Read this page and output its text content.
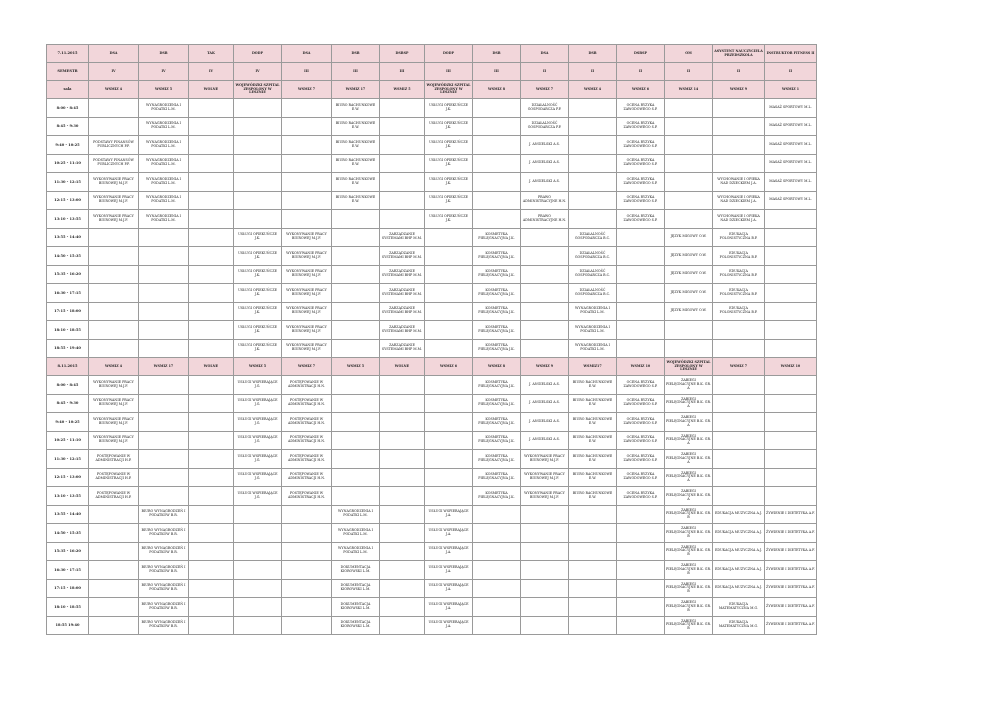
7.11.2015	DSA	DSB	TAK	DODP	DSA	DSB	DSBSP	DODP	DSB	DSA	DSB	DSBSP	OM	ASYSTENT NAUCZYCIELA PRZEDSZKOLA	INSTRUKTOR FITNESS II
SEMESTR	IV	IV	IV	IV	III	III	III	III	III	II	II	II	II	II	II
sala	WSMIZ 4	WSMIZ 5	WOLNE	WOJEWÓDZKI SZPITAL ZESPOLONY W LESZNIE	WSMIZ 7	WSMIZ 17	WSMIZ 5	WOJEWÓDZKI SZPITAL ZESPOLONY W LESZNIE	WSMIZ 8	WSMIZ 7	WSMIZ 4	WSMIZ 6	WSMIZ 14	WSMIZ 9	WSMIZ 1
8:00 - 8:45		WYNAGRODZENIA I PODATKI L.M.				BIURO RACHUNKOWE E.W.		USŁUGI OPIEKUŃCZE J.K.		DZIAŁALNOŚĆ GOSPODARCZA P.P.		OCENA RYZYKA ZAWODOWEGO S.P.			MASAŻ SPORTOWY M.L.
8:45 - 9:30		WYNAGRODZENIA I PODATKI L.M.				BIURO RACHUNKOWE E.W.		USŁUGI OPIEKUŃCZE J.K.		DZIAŁALNOŚĆ GOSPODARCZA P.P.		OCENA RYZYKA ZAWODOWEGO S.P.			MASAŻ SPORTOWY M.L.
9:40 - 10:25	PODSTAWY FINANSÓW PUBLICZNYCH P.P.	WYNAGRODZENIA I PODATKI L.M.				BIURO RACHUNKOWE E.W.		USŁUGI OPIEKUŃCZE J.K.		J. ANGIELSKI A.S.		OCENA RYZYKA ZAWODOWEGO S.P.			MASAŻ SPORTOWY M.L.
10:25 - 11:10	PODSTAWY FINANSÓW PUBLICZNYCH P.P.	WYNAGRODZENIA I PODATKI L.M.				BIURO RACHUNKOWE E.W.		USŁUGI OPIEKUŃCZE J.K.		J. ANGIELSKI A.S.		OCENA RYZYKA ZAWODOWEGO S.P.			MASAŻ SPORTOWY M.L.
11:30 - 12:15	WYKONYWANIE PRACY BIUROWEJ M.J.F.	WYNAGRODZENIA I PODATKI L.M.				BIURO RACHUNKOWE E.W.		USŁUGI OPIEKUŃCZE J.K.		J. ANGIELSKI A.S.		OCENA RYZYKA ZAWODOWEGO S.P.		WYCHOWANIE I OPIEKA NAD DZIECKIEM J.A.	MASAŻ SPORTOWY M.L.
12:15 - 13:00	WYKONYWANIE PRACY BIUROWEJ M.J.F.	WYNAGRODZENIA I PODATKI L.M.				BIURO RACHUNKOWE E.W.		USŁUGI OPIEKUŃCZE J.K.		PRAWO ADMINISTRACYJNE H.N.		OCENA RYZYKA ZAWODOWEGO S.P.		WYCHOWANIE I OPIEKA NAD DZIECKIEM J.A.	MASAŻ SPORTOWY M.L.
13:10 - 13:55	WYKONYWANIE PRACY BIUROWEJ M.J.F.	WYNAGRODZENIA I PODATKI L.M.						USŁUGI OPIEKUŃCZE J.K.		PRAWO ADMINISTRACYJNE H.N.		OCENA RYZYKA ZAWODOWEGO S.P.		WYCHOWANIE I OPIEKA NAD DZIECKIEM J.A.	
13:55 - 14:40				USŁUGI OPIEKUŃCZE J.K.	WYKONYWANIE PRACY BIUROWEJ M.J.F.		ZARZĄDZANIE SYSTEMAMI BHP M.M.		KOSMETYKA PIELĘGNACYJNA J.K.		DZIAŁALNOŚĆ GOSPODARCZA B.C.		JĘZYK MIGOWY O.W.	EDUKACJA POLONISTYCZNA B.P.	
14:50 - 15:35				USŁUGI OPIEKUŃCZE J.K.	WYKONYWANIE PRACY BIUROWEJ M.J.F.		ZARZĄDZANIE SYSTEMAMI BHP M.M.		KOSMETYKA PIELĘGNACYJNA J.K.		DZIAŁALNOŚĆ GOSPODARCZA B.C.		JĘZYK MIGOWY O.W.	EDUKACJA POLONISTYCZNA B.P.	
15:35 - 16:20				USŁUGI OPIEKUŃCZE J.K.	WYKONYWANIE PRACY BIUROWEJ M.J.F.		ZARZĄDZANIE SYSTEMAMI BHP M.M.		KOSMETYKA PIELĘGNACYJNA J.K.		DZIAŁALNOŚĆ GOSPODARCZA B.C.		JĘZYK MIGOWY O.W.	EDUKACJA POLONISTYCZNA B.P.	
16:30 - 17:15				USŁUGI OPIEKUŃCZE J.K.	WYKONYWANIE PRACY BIUROWEJ M.J.F.		ZARZĄDZANIE SYSTEMAMI BHP M.M.		KOSMETYKA PIELĘGNACYJNA J.K.		DZIAŁALNOŚĆ GOSPODARCZA B.C.		JĘZYK MIGOWY O.W.	EDUKACJA POLONISTYCZNA B.P.	
17:15 - 18:00				USŁUGI OPIEKUŃCZE J.K.	WYKONYWANIE PRACY BIUROWEJ M.J.F.		ZARZĄDZANIE SYSTEMAMI BHP M.M.		KOSMETYKA PIELĘGNACYJNA J.K.		WYNAGRODZENIA I PODATKI L.M.		JĘZYK MIGOWY O.W.	EDUKACJA POLONISTYCZNA B.P.	
18:10 - 18:55				USŁUGI OPIEKUŃCZE J.K.	WYKONYWANIE PRACY BIUROWEJ M.J.F.		ZARZĄDZANIE SYSTEMAMI BHP M.M.		KOSMETYKA PIELĘGNACYJNA J.K.		WYNAGRODZENIA I PODATKI L.M.				
18:55 - 19:40				USŁUGI OPIEKUŃCZE J.K.	WYKONYWANIE PRACY BIUROWEJ M.J.F.		ZARZĄDZANIE SYSTEMAMI BHP M.M.		KOSMETYKA PIELĘGNACYJNA J.K.		WYNAGRODZENIA I PODATKI L.M.				
8.11.2015	WSMIZ 4	WSMIZ 17	WOLNE	WSMIZ 5	WSMIZ 7	WSMIZ 5	WOLNE	WSMIZ 6	WSMIZ 8	WSMIZ 9	WSMIZ17	WSMIZ 10	WOJEWÓDZKI SZPITAL ZESPOLONY W LESZNIE	WSMIZ 7	WSMIZ 10
8:00 - 8:45	WYKONYWANIE PRACY BIUROWEJ M.J.F.			USŁUGI WSPIERAJĄCE J.G.	POSTĘPOWANIE W ADMINISTRACJI H.N.				KOSMETYKA PIELĘGNACYJNA J.K.	J. ANGIELSKI A.S.	BIURO RACHUNKOWE E.W.	OCENA RYZYKA ZAWODOWEGO S.P.	ZABIEGI PIELĘGNACYJNE B.K. GR. A		
8:45 - 9:30	WYKONYWANIE PRACY BIUROWEJ M.J.F.			USŁUGI WSPIERAJĄCE J.G.	POSTĘPOWANIE W ADMINISTRACJI H.N.				KOSMETYKA PIELĘGNACYJNA J.K.	J. ANGIELSKI A.S.	BIURO RACHUNKOWE E.W.	OCENA RYZYKA ZAWODOWEGO S.P.	ZABIEGI PIELĘGNACYJNE B.K. GR. A		
9:40 - 10:25	WYKONYWANIE PRACY BIUROWEJ M.J.F.			USŁUGI WSPIERAJĄCE J.G.	POSTĘPOWANIE W ADMINISTRACJI H.N.				KOSMETYKA PIELĘGNACYJNA J.K.	J. ANGIELSKI A.S.	BIURO RACHUNKOWE E.W.	OCENA RYZYKA ZAWODOWEGO S.P.	ZABIEGI PIELĘGNACYJNE B.K. GR. A		
10:25 - 11:10	WYKONYWANIE PRACY BIUROWEJ M.J.F.			USŁUGI WSPIERAJĄCE J.G.	POSTĘPOWANIE W ADMINISTRACJI H.N.				KOSMETYKA PIELĘGNACYJNA J.K.	J. ANGIELSKI A.S.	BIURO RACHUNKOWE E.W.	OCENA RYZYKA ZAWODOWEGO S.P.	ZABIEGI PIELĘGNACYJNE B.K. GR. A		
11:30 - 12:15	POSTĘPOWANIE W ADMINISTRACJI H.P.			USŁUGI WSPIERAJĄCE J.G.	POSTĘPOWANIE W ADMINISTRACJI H.N.				KOSMETYKA PIELĘGNACYJNA J.K.	WYKONYWANIE PRACY BIUROWEJ M.J.F.	BIURO RACHUNKOWE E.W.	OCENA RYZYKA ZAWODOWEGO S.P.	ZABIEGI PIELĘGNACYJNE B.K. GR. A		
12:15 - 13:00	POSTĘPOWANIE W ADMINISTRACJI H.P.			USŁUGI WSPIERAJĄCE J.G.	POSTĘPOWANIE W ADMINISTRACJI H.N.				KOSMETYKA PIELĘGNACYJNA J.K.	WYKONYWANIE PRACY BIUROWEJ M.J.F.	BIURO RACHUNKOWE E.W.	OCENA RYZYKA ZAWODOWEGO S.P.	ZABIEGI PIELĘGNACYJNE B.K. GR. A		
13:10 - 13:55	POSTĘPOWANIE W ADMINISTRACJI H.P.			USŁUGI WSPIERAJĄCE J.G.	POSTĘPOWANIE W ADMINISTRACJI H.N.				KOSMETYKA PIELĘGNACYJNA J.K.	WYKONYWANIE PRACY BIUROWEJ M.J.F.	BIURO RACHUNKOWE E.W.	OCENA RYZYKA ZAWODOWEGO S.P.	ZABIEGI PIELĘGNACYJNE B.K. GR. A		
13:55 - 14:40		BIURO WYNAGRODZEŃ I PODATKÓW B.R.				WYNAGRODZENIA I PODATKI L.M.		USŁUGI WSPIERAJĄCE J.A.					ZABIEGI PIELĘGNACYJNE B.K. GR. B	EDUKACJA MUZYCZNA A.J.	ŻYWIENIE I DIETETYKA A.F.
14:50 - 15:35		BIURO WYNAGRODZEŃ I PODATKÓW B.R.				WYNAGRODZENIA I PODATKI L.M.		USŁUGI WSPIERAJĄCE J.A.					ZABIEGI PIELĘGNACYJNE B.K. GR. B	EDUKACJA MUZYCZNA A.J.	ŻYWIENIE I DIETETYKA A.F.
15:35 - 16:20		BIURO WYNAGRODZEŃ I PODATKÓW B.R.				WYNAGRODZENIA I PODATKI L.M.		USŁUGI WSPIERAJĄCE J.A.					ZABIEGI PIELĘGNACYJNE B.K. GR. B	EDUKACJA MUZYCZNA A.J.	ŻYWIENIE I DIETETYKA A.F.
16:30 - 17:15		BIURO WYNAGRODZEŃ I PODATKÓW B.R.				DOKUMENTACJA KIOROWSKI L.M.		USŁUGI WSPIERAJĄCE J.A.					ZABIEGI PIELĘGNACYJNE B.K. GR. B	EDUKACJA MUZYCZNA A.J.	ŻYWIENIE I DIETETYKA A.F.
17:15 - 18:00		BIURO WYNAGRODZEŃ I PODATKÓW B.R.				DOKUMENTACJA KIOROWSKI L.M.		USŁUGI WSPIERAJĄCE J.A.					ZABIEGI PIELĘGNACYJNE B.K. GR. B	EDUKACJA MUZYCZNA A.J.	ŻYWIENIE I DIETETYKA A.F.
18:10 - 18:55		BIURO WYNAGRODZEŃ I PODATKÓW B.R.				DOKUMENTACJA KIOROWSKI L.M.		USŁUGI WSPIERAJĄCE J.A.					ZABIEGI PIELĘGNACYJNE B.K. GR. B	EDUKACJA MATEMATYCZNA M.G.	ŻYWIENIE I DIETETYKA A.F.
18:55 19:40		BIURO WYNAGRODZEŃ I PODATKÓW B.R.				DOKUMENTACJA KIOROWSKI L.M.		USŁUGI WSPIERAJĄCE J.A.					ZABIEGI PIELĘGNACYJNE B.K. GR. B	EDUKACJA MATEMATYCZNA M.G.	ŻYWIENIE I DIETETYKA A.F.
